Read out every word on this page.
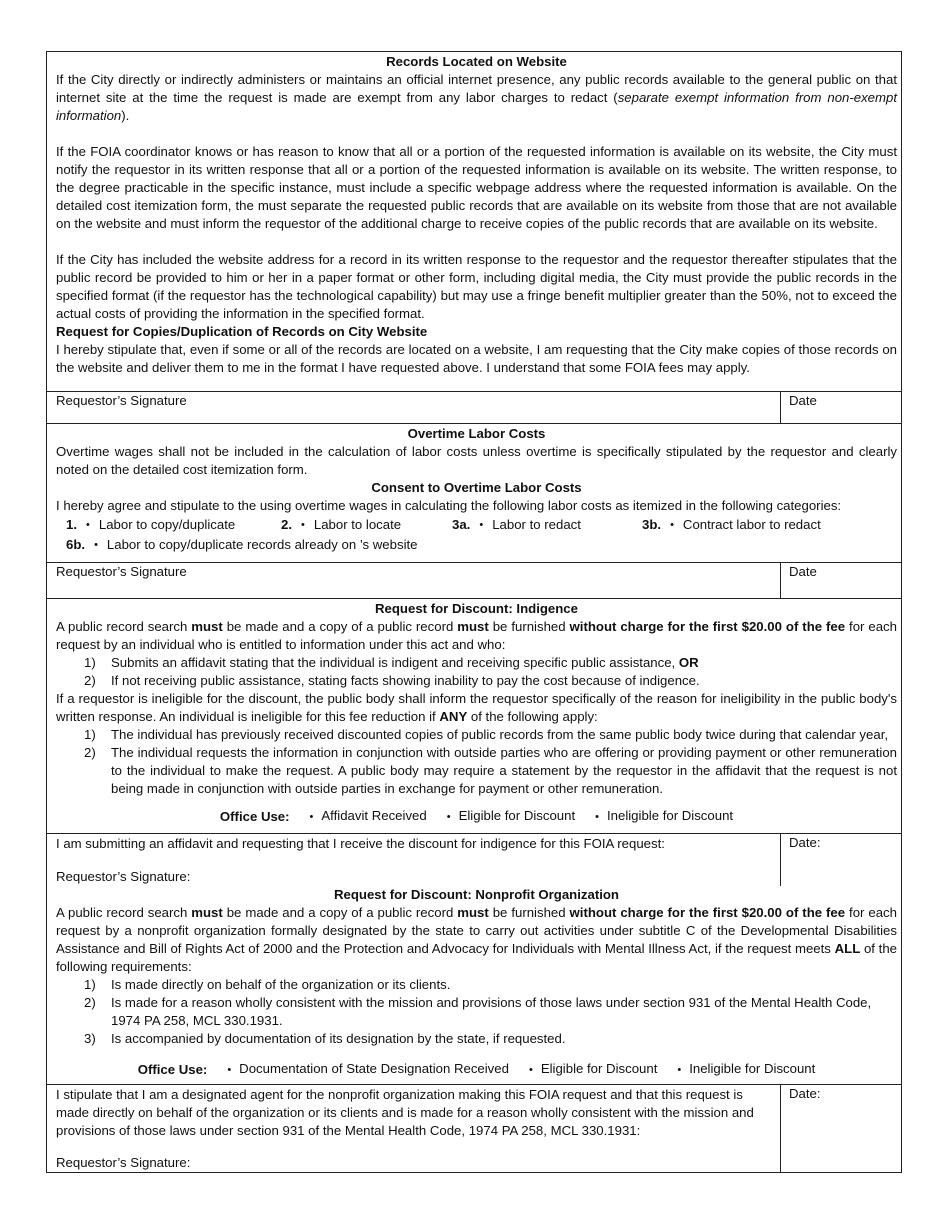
Records Located on Website

If the City directly or indirectly administers or maintains an official internet presence, any public records available to the general public on that internet site at the time the request is made are exempt from any labor charges to redact (separate exempt information from non-exempt information).

If the FOIA coordinator knows or has reason to know that all or a portion of the requested information is available on its website, the City must notify the requestor in its written response that all or a portion of the requested information is available on its website. The written response, to the degree practicable in the specific instance, must include a specific webpage address where the requested information is available. On the detailed cost itemization form, the must separate the requested public records that are available on its website from those that are not available on the website and must inform the requestor of the additional charge to receive copies of the public records that are available on its website.

If the City has included the website address for a record in its written response to the requestor and the requestor thereafter stipulates that the public record be provided to him or her in a paper format or other form, including digital media, the City must provide the public records in the specified format (if the requestor has the technological capability) but may use a fringe benefit multiplier greater than the 50%, not to exceed the actual costs of providing the information in the specified format.

Request for Copies/Duplication of Records on City Website

I hereby stipulate that, even if some or all of the records are located on a website, I am requesting that the City make copies of those records on the website and deliver them to me in the format I have requested above. I understand that some FOIA fees may apply.

Requestor’s Signature	Date
Overtime Labor Costs

Overtime wages shall not be included in the calculation of labor costs unless overtime is specifically stipulated by the requestor and clearly noted on the detailed cost itemization form.

Consent to Overtime Labor Costs

I hereby agree and stipulate to the using overtime wages in calculating the following labor costs as itemized in the following categories:

1. • Labor to copy/duplicate	2. • Labor to locate	3a. • Labor to redact	3b. • Contract labor to redact
6b. • Labor to copy/duplicate records already on ’s website
Requestor’s Signature	Date
Request for Discount: Indigence

A public record search must be made and a copy of a public record must be furnished without charge for the first $20.00 of the fee for each request by an individual who is entitled to information under this act and who:

1) Submits an affidavit stating that the individual is indigent and receiving specific public assistance, OR
2) If not receiving public assistance, stating facts showing inability to pay the cost because of indigence.

If a requestor is ineligible for the discount, the public body shall inform the requestor specifically of the reason for ineligibility in the public body's written response. An individual is ineligible for this fee reduction if ANY of the following apply:

1) The individual has previously received discounted copies of public records from the same public body twice during that calendar year,
2) The individual requests the information in conjunction with outside parties who are offering or providing payment or other remuneration to the individual to make the request. A public body may require a statement by the requestor in the affidavit that the request is not being made in conjunction with outside parties in exchange for payment or other remuneration.
Office Use: • Affidavit Received • Eligible for Discount • Ineligible for Discount
I am submitting an affidavit and requesting that I receive the discount for indigence for this FOIA request:
Requestor’s Signature:
Date:
Request for Discount: Nonprofit Organization

A public record search must be made and a copy of a public record must be furnished without charge for the first $20.00 of the fee for each request by a nonprofit organization formally designated by the state to carry out activities under subtitle C of the Developmental Disabilities Assistance and Bill of Rights Act of 2000 and the Protection and Advocacy for Individuals with Mental Illness Act, if the request meets ALL of the following requirements:

1) Is made directly on behalf of the organization or its clients.
2) Is made for a reason wholly consistent with the mission and provisions of those laws under section 931 of the Mental Health Code, 1974 PA 258, MCL 330.1931.
3) Is accompanied by documentation of its designation by the state, if requested.
Office Use: • Documentation of State Designation Received • Eligible for Discount • Ineligible for Discount
I stipulate that I am a designated agent for the nonprofit organization making this FOIA request and that this request is made directly on behalf of the organization or its clients and is made for a reason wholly consistent with the mission and provisions of those laws under section 931 of the Mental Health Code, 1974 PA 258, MCL 330.1931:
Requestor’s Signature:
Date:
